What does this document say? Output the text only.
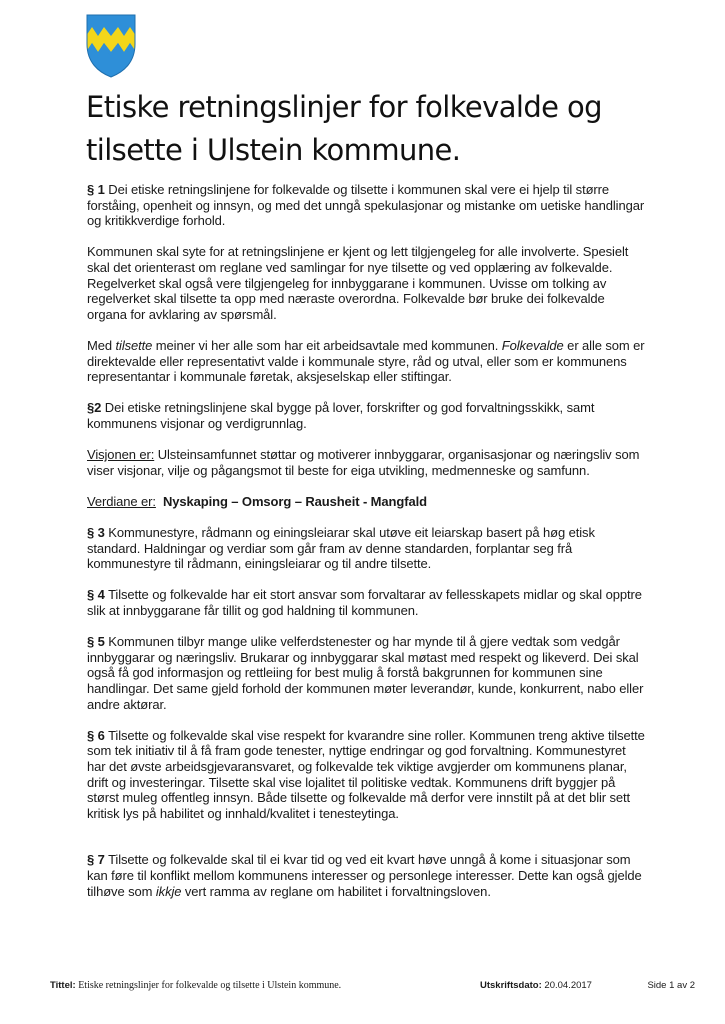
Etiske retningslinjer for folkevalde og tilsette i Ulstein kommune.

§ 1 Dei etiske retningslinjene for folkevalde og tilsette i kommunen skal vere ei hjelp til større forståing, openheit og innsyn, og med det unngå spekulasjonar og mistanke om uetiske handlingar og kritikkverdige forhold.

Kommunen skal syte for at retningslinjene er kjent og lett tilgjengeleg for alle involverte. Spesielt skal det orienterast om reglane ved samlingar for nye tilsette og ved opplæring av folkevalde. Regelverket skal også vere tilgjengeleg for innbyggarane i kommunen. Uvisse om tolking av regelverket skal tilsette ta opp med næraste overordna. Folkevalde bør bruke dei folkevalde organa for avklaring av spørsmål.

Med tilsette meiner vi her alle som har eit arbeidsavtale med kommunen. Folkevalde er alle som er direktevalde eller representativt valde i kommunale styre, råd og utval, eller som er kommunens representantar i kommunale føretak, aksjeselskap eller stiftingar.

§2 Dei etiske retningslinjene skal bygge på lover, forskrifter og god forvaltningsskikk, samt kommunens visjonar og verdigrunnlag.

Visjonen er: Ulsteinsamfunnet støttar og motiverer innbyggarar, organisasjonar og næringsliv som viser visjonar, vilje og pågangsmot til beste for eiga utvikling, medmenneske og samfunn.

Verdiane er: Nyskaping – Omsorg – Rausheit - Mangfald

§ 3 Kommunestyre, rådmann og einingsleiarar skal utøve eit leiarskap basert på høg etisk standard. Haldningar og verdiar som går fram av denne standarden, forplantar seg frå kommunestyre til rådmann, einingsleiarar og til andre tilsette.

§ 4 Tilsette og folkevalde har eit stort ansvar som forvaltarar av fellesskapets midlar og skal opptre slik at innbyggarane får tillit og god haldning til kommunen.

§ 5 Kommunen tilbyr mange ulike velferdstenester og har mynde til å gjere vedtak som vedgår innbyggarar og næringsliv. Brukarar og innbyggarar skal møtast med respekt og likeverd. Dei skal også få god informasjon og rettleiing for best mulig å forstå bakgrunnen for kommunen sine handlingar. Det same gjeld forhold der kommunen møter leverandør, kunde, konkurrent, nabo eller andre aktørar.

§ 6 Tilsette og folkevalde skal vise respekt for kvarandre sine roller. Kommunen treng aktive tilsette som tek initiativ til å få fram gode tenester, nyttige endringar og god forvaltning. Kommunestyret har det øvste arbeidsgjevaransvaret, og folkevalde tek viktige avgjerder om kommunens planar, drift og investeringar. Tilsette skal vise lojalitet til politiske vedtak. Kommunens drift byggjer på størst muleg offentleg innsyn. Både tilsette og folkevalde må derfor vere innstilt på at det blir sett kritisk lys på habilitet og innhald/kvalitet i tenesteytinga.

§ 7 Tilsette og folkevalde skal til ei kvar tid og ved eit kvart høve unngå å kome i situasjonar som kan føre til konflikt mellom kommunens interesser og personlege interesser. Dette kan også gjelde tilhøve som ikkje vert ramma av reglane om habilitet i forvaltningsloven.

Tittel: Etiske retningslinjer for folkevalde og tilsette i Ulstein kommune.	Utskriftsdato: 20.04.2017	Side 1 av 2
